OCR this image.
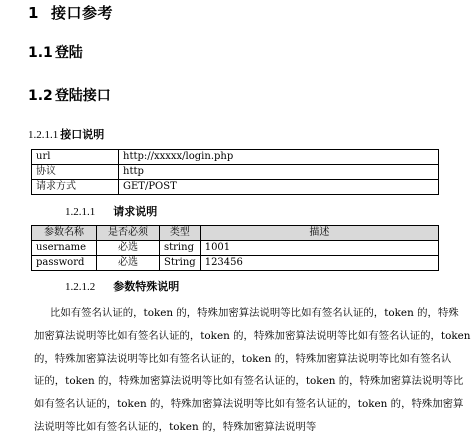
1 接口参考
1.1 登陆
1.2 登陆接口
1.2.1.1 接口说明
url	http://xxxxx/login.php
协议	http
请求方式	GET/POST
1.2.1.1 请求说明
参数名称	是否必须	类型	描述
username	必选	string	1001
password	必选	String	123456
1.2.1.2 参数特殊说明
比如有签名认证的，token 的，特殊加密算法说明等比如有签名认证的，token 的，特殊
加密算法说明等比如有签名认证的，token 的，特殊加密算法说明等比如有签名认证的，token
的，特殊加密算法说明等比如有签名认证的，token 的，特殊加密算法说明等比如有签名认
证的，token 的，特殊加密算法说明等比如有签名认证的，token 的，特殊加密算法说明等比
如有签名认证的，token 的，特殊加密算法说明等比如有签名认证的，token 的，特殊加密算
法说明等比如有签名认证的，token 的，特殊加密算法说明等
